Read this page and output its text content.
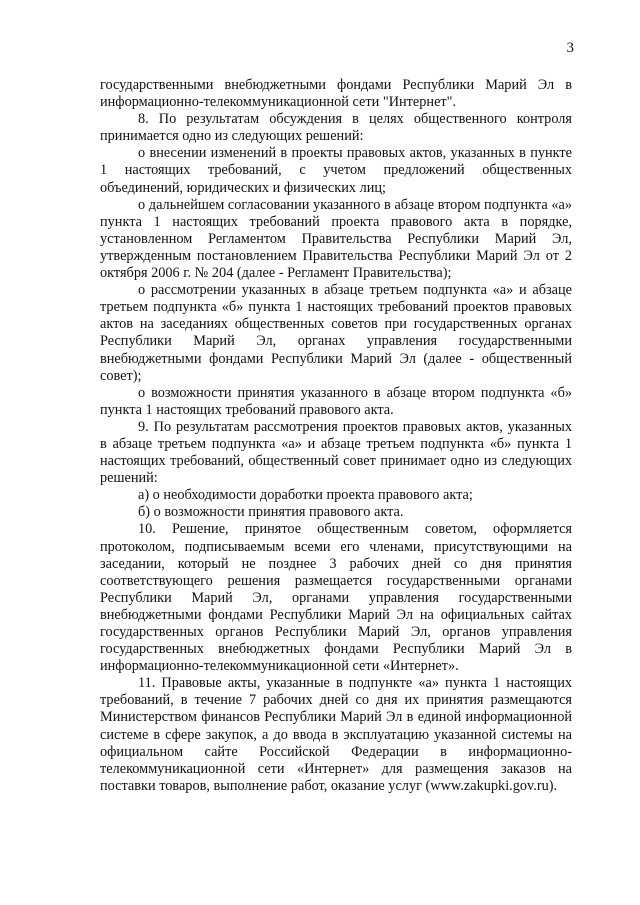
3

государственными внебюджетными фондами Республики Марий Эл в информационно-телекоммуникационной сети "Интернет".

8. По результатам обсуждения в целях общественного контроля принимается одно из следующих решений:

о внесении изменений в проекты правовых актов, указанных в пункте 1 настоящих требований, с учетом предложений общественных объединений, юридических и физических лиц;

о дальнейшем согласовании указанного в абзаце втором подпункта «а» пункта 1 настоящих требований проекта правового акта в порядке, установленном Регламентом Правительства Республики Марий Эл, утвержденным постановлением Правительства Республики Марий Эл от 2 октября 2006 г. № 204 (далее - Регламент Правительства);

о рассмотрении указанных в абзаце третьем подпункта «а» и абзаце третьем подпункта «б» пункта 1 настоящих требований проектов правовых актов на заседаниях общественных советов при государственных органах Республики Марий Эл, органах управления государственными внебюджетными фондами Республики Марий Эл (далее - общественный совет);

о возможности принятия указанного в абзаце втором подпункта «б» пункта 1 настоящих требований правового акта.

9. По результатам рассмотрения проектов правовых актов, указанных в абзаце третьем подпункта «а» и абзаце третьем подпункта «б» пункта 1 настоящих требований, общественный совет принимает одно из следующих решений:

а) о необходимости доработки проекта правового акта;

б) о возможности принятия правового акта.

10. Решение, принятое общественным советом, оформляется протоколом, подписываемым всеми его членами, присутствующими на заседании, который не позднее 3 рабочих дней со дня принятия соответствующего решения размещается государственными органами Республики Марий Эл, органами управления государственными внебюджетными фондами Республики Марий Эл на официальных сайтах государственных органов Республики Марий Эл, органов управления государственных внебюджетных фондами Республики Марий Эл в информационно-телекоммуникационной сети «Интернет».

11. Правовые акты, указанные в подпункте «а» пункта 1 настоящих требований, в течение 7 рабочих дней со дня их принятия размещаются Министерством финансов Республики Марий Эл в единой информационной системе в сфере закупок, а до ввода в эксплуатацию указанной системы на официальном сайте Российской Федерации в информационно-телекоммуникационной сети «Интернет» для размещения заказов на поставки товаров, выполнение работ, оказание услуг (www.zakupki.gov.ru).
